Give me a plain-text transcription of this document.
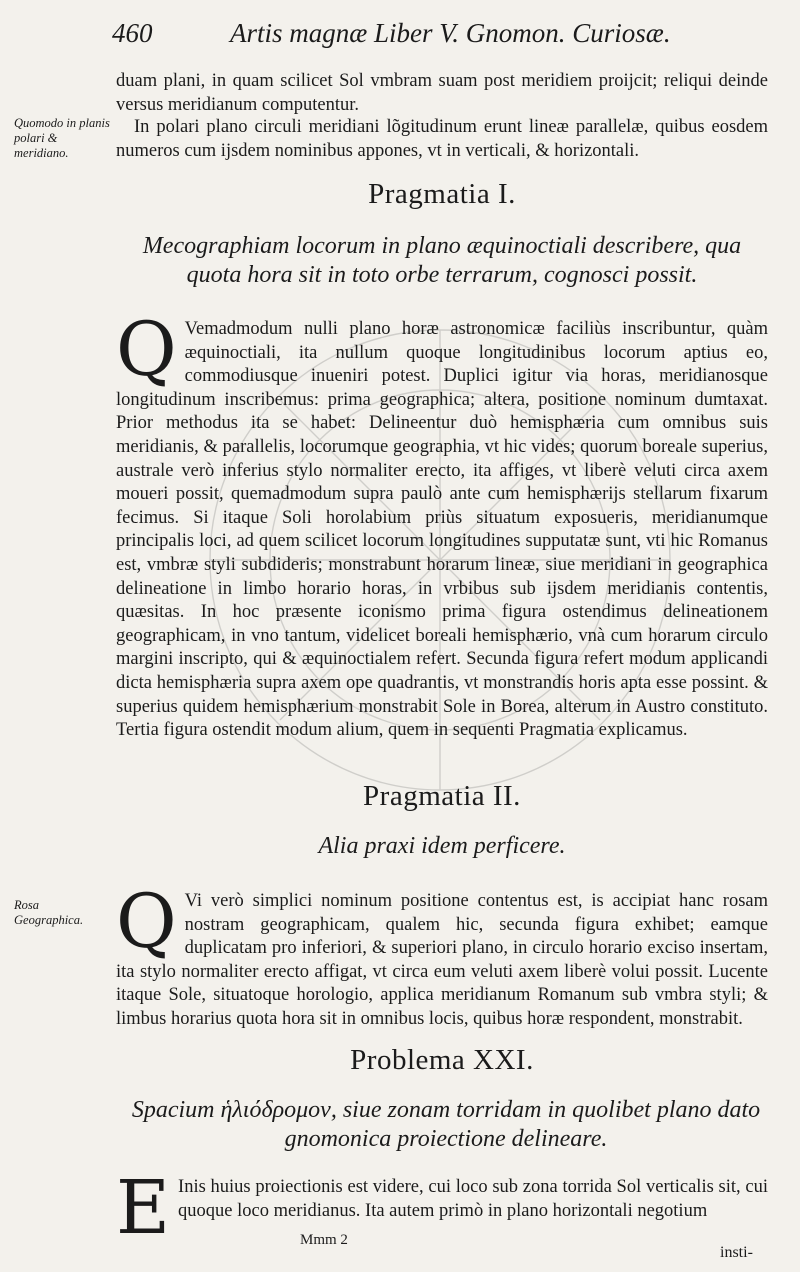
460	Artis magnæ Liber V. Gnomon. Curiosæ.

duam plani, in quam scilicet Sol vmbram suam post meridiem proijcit; reliqui deinde versus meridianum computentur.

Quomodo in planis polari & meridiano.

In polari plano circuli meridiani lõgitudinum erunt lineæ parallelæ, quibus eosdem numeros cum ijsdem nominibus appones, vt in verticali, & horizontali.

Pragmatia I.
Mecographiam locorum in plano æquinoctiali describere, qua quota hora sit in toto orbe terrarum, cognosci possit.

Q Vemadmodum nulli plano horæ astronomicæ faciliùs inscribuntur, quàm æquinoctiali, ita nullum quoque longitudinibus locorum aptius eo, commodiusque inueniri potest. Duplici igitur via horas, meridianosque longitudinum inscribemus: prima geographica; altera, positione nominum dumtaxat. Prior methodus ita se habet: Delineentur duò hemisphæria cum omnibus suis meridianis, & parallelis, locorumque geographia, vt hic vides; quorum boreale superius, australe verò inferius stylo normaliter erecto, ita affiges, vt liberè veluti circa axem moueri possit, quemadmodum supra paulò ante cum hemisphærijs stellarum fixarum fecimus. Si itaque Soli horolabium priùs situatum exposueris, meridianumque principalis loci, ad quem scilicet locorum longitudines supputatæ sunt, vti hic Romanus est, vmbræ styli subdideris; monstrabunt horarum lineæ, siue meridiani in geographica delineatione in limbo horario horas, in vrbibus sub ijsdem meridianis contentis, quæsitas. In hoc præsente iconismo prima figura ostendimus delineationem geographicam, in vno tantum, videlicet boreali hemisphærio, vnà cum horarum circulo margini inscripto, qui & æquinoctialem refert. Secunda figura refert modum applicandi dicta hemisphæria supra axem ope quadrantis, vt monstrandis horis apta esse possint. & superius quidem hemisphærium monstrabit Sole in Borea, alterum in Austro constituto. Tertia figura ostendit modum alium, quem in sequenti Pragmatia explicamus.

Pragmatia II.
Alia praxi idem perficere.
Rosa Geographica. Q Vi verò simplici nominum positione contentus est, is accipiat hanc rosam nostram geographicam, qualem hic, secunda figura exhibet; eamque duplicatam pro inferiori, & superiori plano, in circulo horario exciso insertam, ita stylo normaliter erecto affigat, vt circa eum veluti axem liberè volui possit. Lucente itaque Sole, situatoque horologio, applica meridianum Romanum sub vmbra styli; & limbus horarius quota hora sit in omnibus locis, quibus horæ respondent, monstrabit.

Problema XXI.
Spacium ἡλιόδρομον, siue zonam torridam in quolibet plano dato gnomonica proiectione delineare.

E Inis huius proiectionis est videre, cui loco sub zona torrida Sol verticalis sit, cui quoque loco meridianus. Ita autem primò in plano horizontali negotium

Mmm 2
insti-
